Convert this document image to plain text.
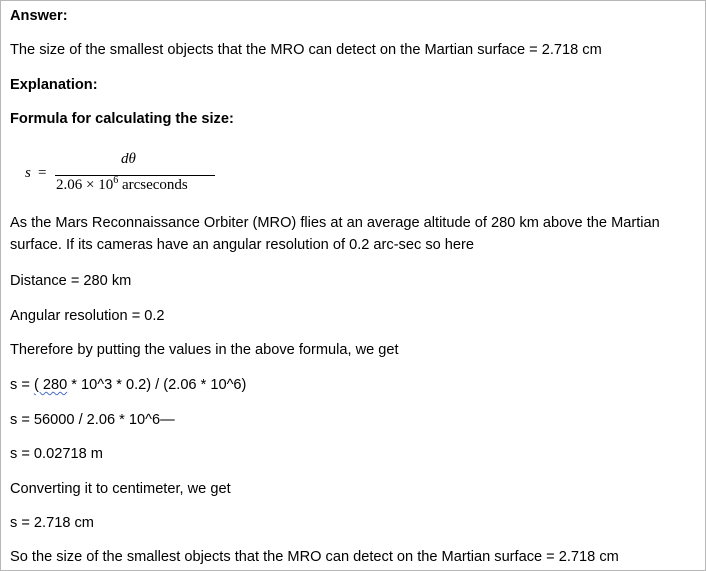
Answer:
The size of the smallest objects that the MRO can detect on the Martian surface = 2.718 cm
Explanation:
Formula for calculating the size:
s =
dθ
$2.06 \times 10^6$ arcseconds
As the Mars Reconnaissance Orbiter (MRO) flies at an average altitude of 280 km above the Martian surface. If its cameras have an angular resolution of 0.2 arc-sec so here
Distance = 280 km
Angular resolution = 0.2
Therefore by putting the values in the above formula, we get
s = ( 280 * 10^3 * 0.2) / (2.06 * 10^6)
s = 56000 / 2.06 * 10^6—
s = 0.02718 m
Converting it to centimeter, we get
s = 2.718 cm
So the size of the smallest objects that the MRO can detect on the Martian surface = 2.718 cm
